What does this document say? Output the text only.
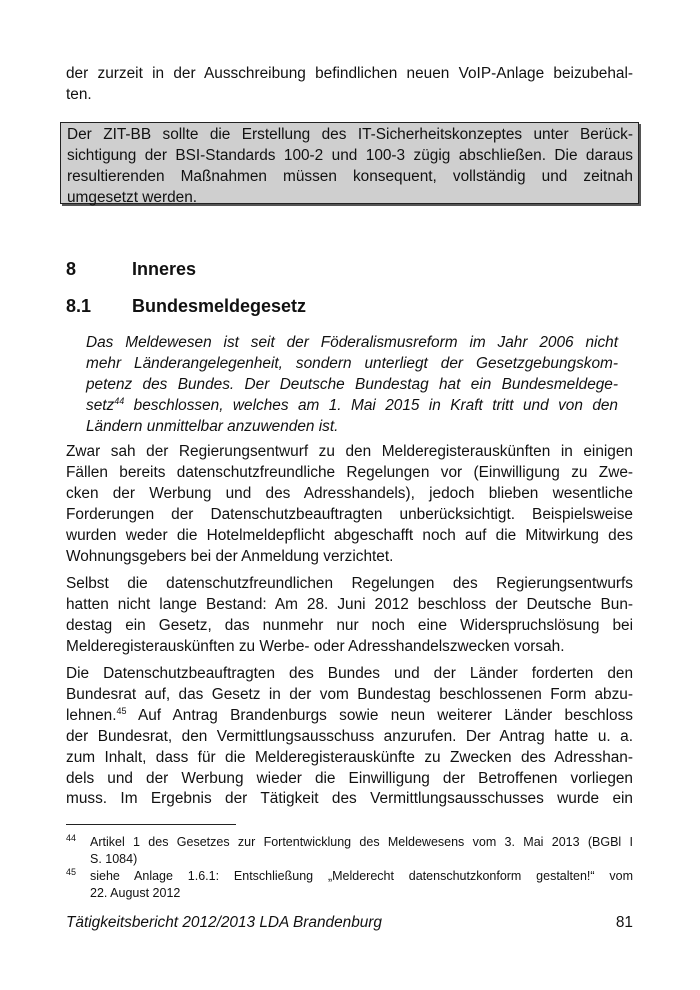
der zurzeit in der Ausschreibung befindlichen neuen VoIP-Anlage beizubehal-
ten.
Der ZIT-BB sollte die Erstellung des IT-Sicherheitskonzeptes unter Berück-
sichtigung der BSI-Standards 100-2 und 100-3 zügig abschließen. Die daraus
resultierenden Maßnahmen müssen konsequent, vollständig und zeitnah
umgesetzt werden.
8	Inneres
8.1 Bundesmeldegesetz
Das Meldewesen ist seit der Föderalismusreform im Jahr 2006 nicht
mehr Länderangelegenheit, sondern unterliegt der Gesetzgebungskom-
petenz des Bundes. Der Deutsche Bundestag hat ein Bundesmeldege-
setz$^{44}$ beschlossen, welches am 1. Mai 2015 in Kraft tritt und von den
Ländern unmittelbar anzuwenden ist.
Zwar sah der Regierungsentwurf zu den Melderegisterauskünften in einigen
Fällen bereits datenschutzfreundliche Regelungen vor (Einwilligung zu Zwe-
cken der Werbung und des Adresshandels), jedoch blieben wesentliche
Forderungen der Datenschutzbeauftragten unberücksichtigt. Beispielsweise
wurden weder die Hotelmeldepflicht abgeschafft noch auf die Mitwirkung des
Wohnungsgebers bei der Anmeldung verzichtet.
Selbst die datenschutzfreundlichen Regelungen des Regierungsentwurfs
hatten nicht lange Bestand: Am 28. Juni 2012 beschloss der Deutsche Bun-
destag ein Gesetz, das nunmehr nur noch eine Widerspruchslösung bei
Melderegisterauskünften zu Werbe- oder Adresshandelszwecken vorsah.
Die Datenschutzbeauftragten des Bundes und der Länder forderten den
Bundesrat auf, das Gesetz in der vom Bundestag beschlossenen Form abzu-
lehnen.$^{45}$ Auf Antrag Brandenburgs sowie neun weiterer Länder beschloss
der Bundesrat, den Vermittlungsausschuss anzurufen. Der Antrag hatte u. a.
zum Inhalt, dass für die Melderegisterauskünfte zu Zwecken des Adresshan-
dels und der Werbung wieder die Einwilligung der Betroffenen vorliegen
muss. Im Ergebnis der Tätigkeit des Vermittlungsausschusses wurde ein
44 Artikel 1 des Gesetzes zur Fortentwicklung des Meldewesens vom 3. Mai 2013 (BGBl I
S. 1084)
45 siehe Anlage 1.6.1: Entschließung „Melderecht datenschutzkonform gestalten!“ vom
22. August 2012
Tätigkeitsbericht 2012/2013 LDA Brandenburg	81
